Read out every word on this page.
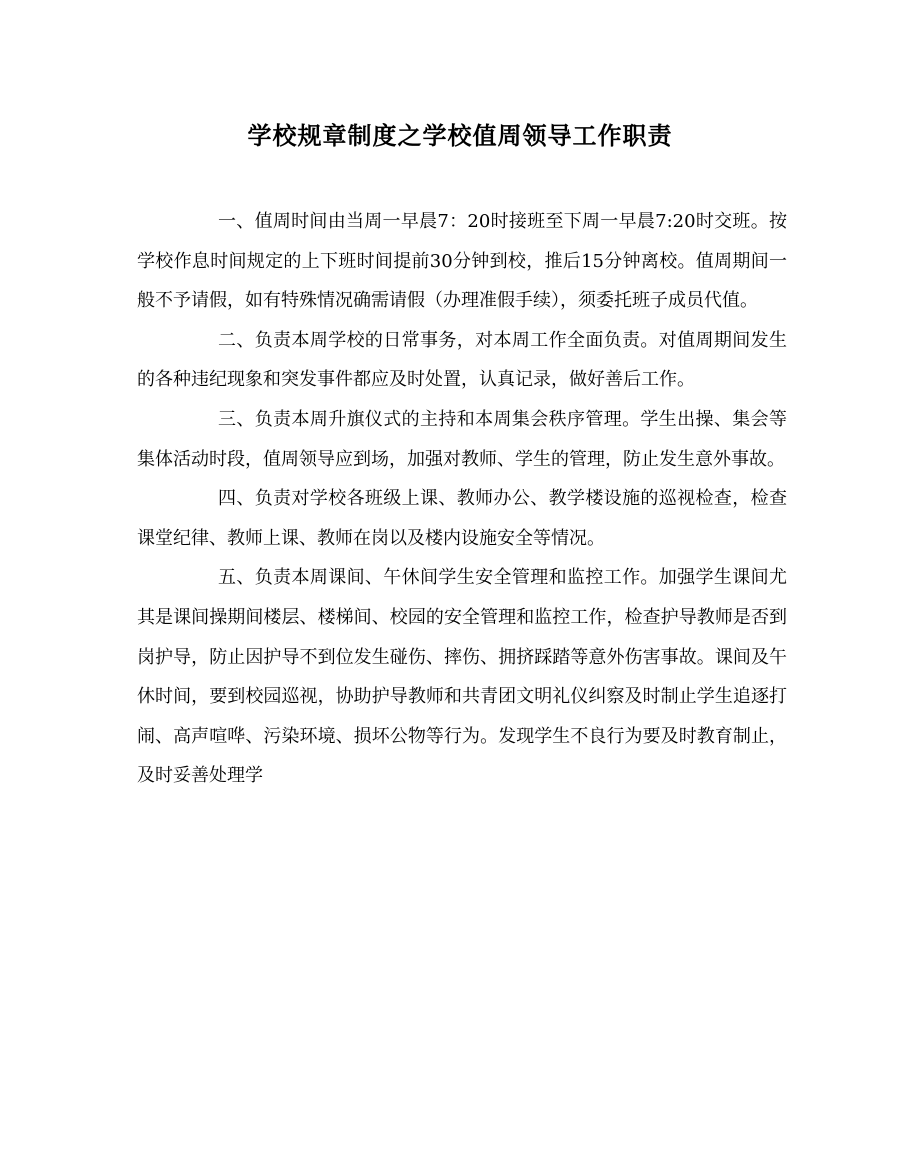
学校规章制度之学校值周领导工作职责

一、值周时间由当周一早晨7：20时接班至下周一早晨7:20时交班。按学校作息时间规定的上下班时间提前30分钟到校，推后15分钟离校。值周期间一般不予请假，如有特殊情况确需请假（办理准假手续），须委托班子成员代值。

二、负责本周学校的日常事务，对本周工作全面负责。对值周期间发生的各种违纪现象和突发事件都应及时处置，认真记录，做好善后工作。

三、负责本周升旗仪式的主持和本周集会秩序管理。学生出操、集会等集体活动时段，值周领导应到场，加强对教师、学生的管理，防止发生意外事故。

四、负责对学校各班级上课、教师办公、教学楼设施的巡视检查，检查课堂纪律、教师上课、教师在岗以及楼内设施安全等情况。

五、负责本周课间、午休间学生安全管理和监控工作。加强学生课间尤其是课间操期间楼层、楼梯间、校园的安全管理和监控工作，检查护导教师是否到岗护导，防止因护导不到位发生碰伤、摔伤、拥挤踩踏等意外伤害事故。课间及午休时间，要到校园巡视，协助护导教师和共青团文明礼仪纠察及时制止学生追逐打闹、高声喧哗、污染环境、损坏公物等行为。发现学生不良行为要及时教育制止，及时妥善处理学
